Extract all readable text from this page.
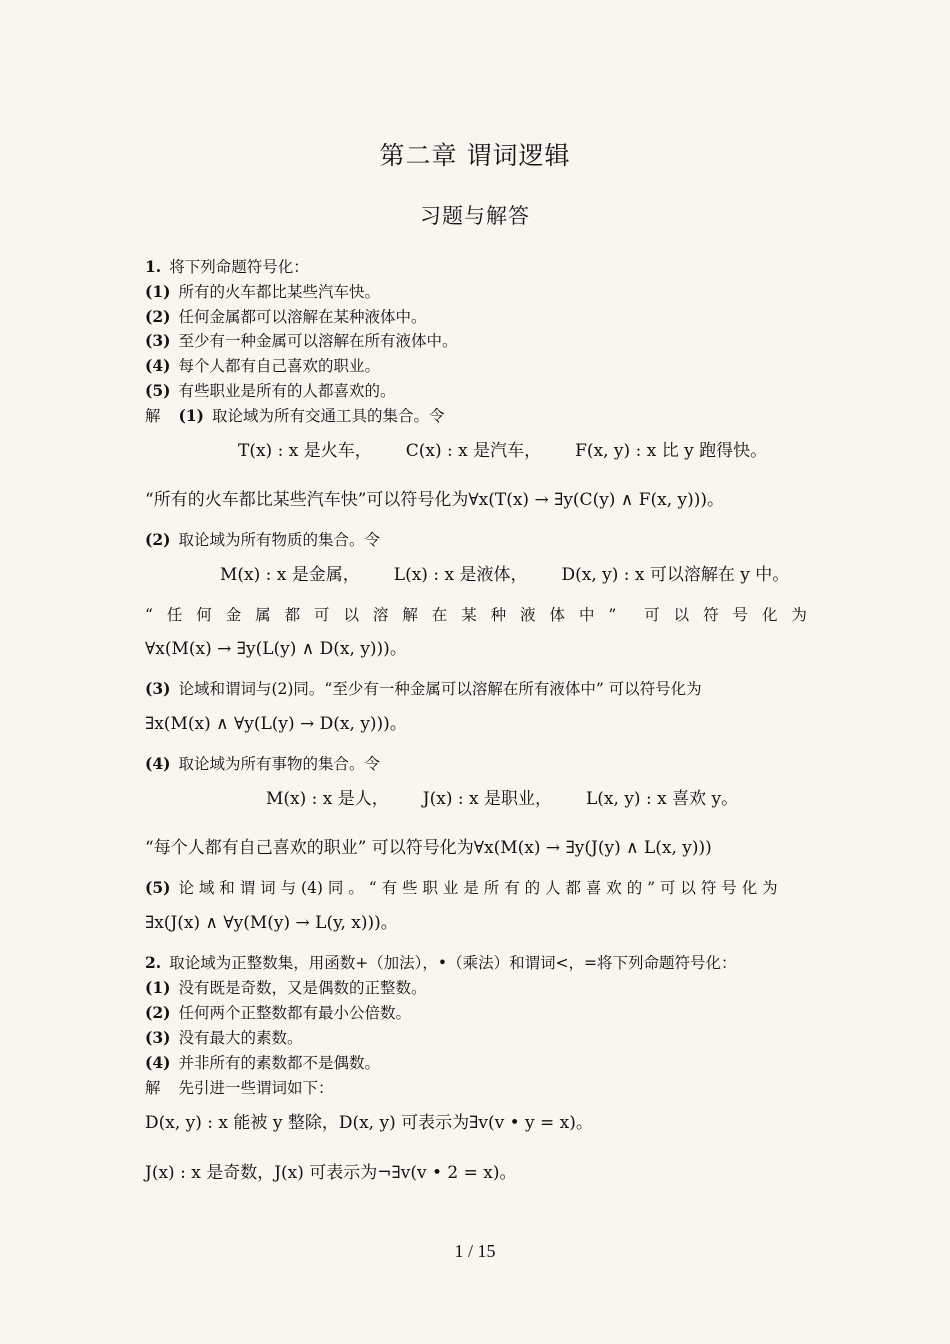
第二章 谓词逻辑
习题与解答
1. 将下列命题符号化：
(1) 所有的火车都比某些汽车快。
(2) 任何金属都可以溶解在某种液体中。
(3) 至少有一种金属可以溶解在所有液体中。
(4) 每个人都有自己喜欢的职业。
(5) 有些职业是所有的人都喜欢的。
解 (1) 取论域为所有交通工具的集合。令
T(x) : x 是火车， C(x) : x 是汽车， F(x, y) : x 比 y 跑得快。
“所有的火车都比某些汽车快”可以符号化为∀x(T(x) → ∃y(C(y) ∧ F(x, y)))。
(2) 取论域为所有物质的集合。令
M(x) : x 是金属， L(x) : x 是液体， D(x, y) : x 可以溶解在 y 中。
“ 任 何 金 属 都 可 以 溶 解 在 某 种 液 体 中 ” 可 以 符 号 化 为
∀x(M(x) → ∃y(L(y) ∧ D(x, y)))。
(3) 论域和谓词与(2)同。“至少有一种金属可以溶解在所有液体中” 可以符号化为
∃x(M(x) ∧ ∀y(L(y) → D(x, y)))。
(4) 取论域为所有事物的集合。令
M(x) : x 是人， J(x) : x 是职业， L(x, y) : x 喜欢 y。
“每个人都有自己喜欢的职业” 可以符号化为∀x(M(x) → ∃y(J(y) ∧ L(x, y)))
(5) 论 域 和 谓 词 与 (4) 同 。 “ 有 些 职 业 是 所 有 的 人 都 喜 欢 的 ” 可 以 符 号 化 为
∃x(J(x) ∧ ∀y(M(y) → L(y, x)))。
2. 取论域为正整数集，用函数+（加法），•（乘法）和谓词<，=将下列命题符号化：
(1) 没有既是奇数，又是偶数的正整数。
(2) 任何两个正整数都有最小公倍数。
(3) 没有最大的素数。
(4) 并非所有的素数都不是偶数。
解 先引进一些谓词如下：
D(x, y) : x 能被 y 整除，D(x, y) 可表示为∃v(v • y = x)。
J(x) : x 是奇数，J(x) 可表示为¬∃v(v • 2 = x)。
1 / 15
